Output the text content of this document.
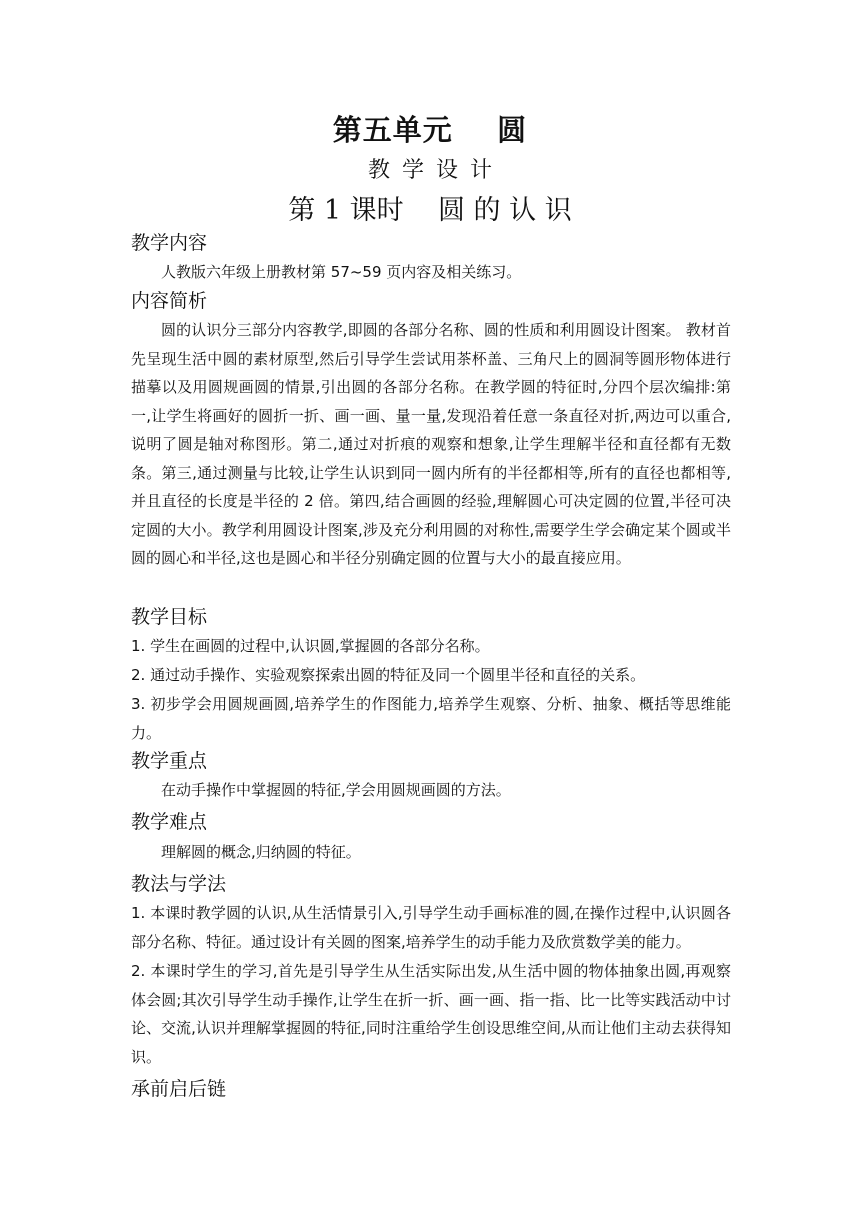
第五单元    圆
教学设计
第 1 课时    圆 的 认 识
教学内容

人教版六年级上册教材第 57~59 页内容及相关练习。

内容简析

圆的认识分三部分内容教学,即圆的各部分名称、圆的性质和利用圆设计图案。 教材首先呈现生活中圆的素材原型,然后引导学生尝试用茶杯盖、三角尺上的圆洞等圆形物体进行描摹以及用圆规画圆的情景,引出圆的各部分名称。在教学圆的特征时,分四个层次编排:第一,让学生将画好的圆折一折、画一画、量一量,发现沿着任意一条直径对折,两边可以重合,说明了圆是轴对称图形。第二,通过对折痕的观察和想象,让学生理解半径和直径都有无数条。第三,通过测量与比较,让学生认识到同一圆内所有的半径都相等,所有的直径也都相等,并且直径的长度是半径的 2 倍。第四,结合画圆的经验,理解圆心可决定圆的位置,半径可决定圆的大小。教学利用圆设计图案,涉及充分利用圆的对称性,需要学生学会确定某个圆或半圆的圆心和半径,这也是圆心和半径分别确定圆的位置与大小的最直接应用。

教学目标

1. 学生在画圆的过程中,认识圆,掌握圆的各部分名称。

2. 通过动手操作、实验观察探索出圆的特征及同一个圆里半径和直径的关系。

3. 初步学会用圆规画圆,培养学生的作图能力,培养学生观察、分析、抽象、概括等思维能力。

教学重点

在动手操作中掌握圆的特征,学会用圆规画圆的方法。

教学难点

理解圆的概念,归纳圆的特征。

教法与学法

1. 本课时教学圆的认识,从生活情景引入,引导学生动手画标准的圆,在操作过程中,认识圆各部分名称、特征。通过设计有关圆的图案,培养学生的动手能力及欣赏数学美的能力。

2. 本课时学生的学习,首先是引导学生从生活实际出发,从生活中圆的物体抽象出圆,再观察体会圆;其次引导学生动手操作,让学生在折一折、画一画、指一指、比一比等实践活动中讨论、交流,认识并理解掌握圆的特征,同时注重给学生创设思维空间,从而让他们主动去获得知识。

承前启后链
